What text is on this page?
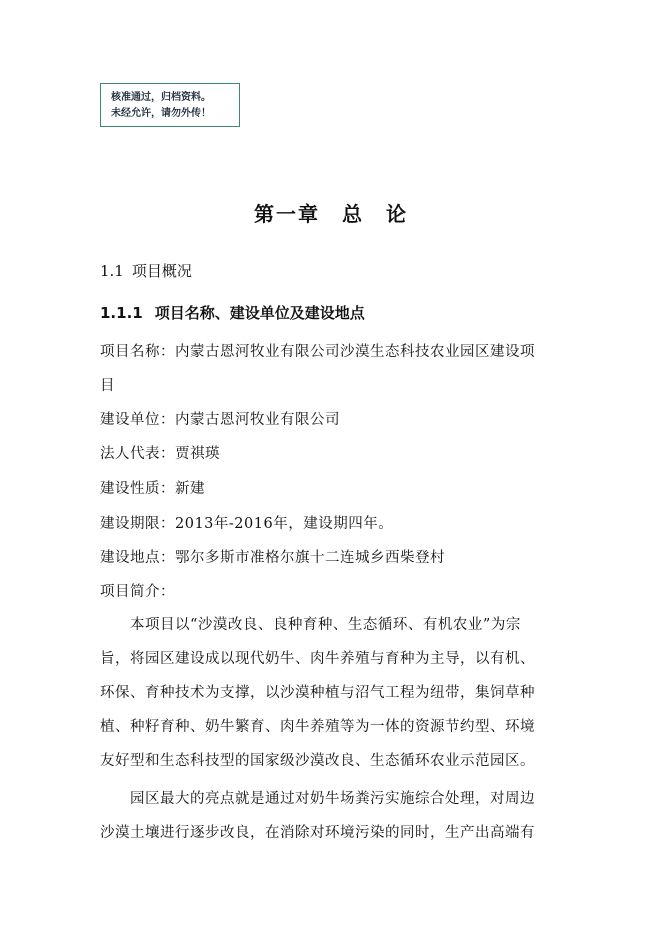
核准通过，归档资料。
未经允许，请勿外传！
第一章 总 论
1.1 项目概况
1.1.1 项目名称、建设单位及建设地点
项目名称：内蒙古恩河牧业有限公司沙漠生态科技农业园区建设项
目
建设单位：内蒙古恩河牧业有限公司
法人代表：贾祺瑛
建设性质：新建
建设期限：2013年-2016年，建设期四年。
建设地点：鄂尔多斯市准格尔旗十二连城乡西柴登村
项目简介：
本项目以“沙漠改良、良种育种、生态循环、有机农业”为宗
旨，将园区建设成以现代奶牛、肉牛养殖与育种为主导，以有机、
环保、育种技术为支撑，以沙漠种植与沼气工程为纽带，集饲草种
植、种籽育种、奶牛繁育、肉牛养殖等为一体的资源节约型、环境
友好型和生态科技型的国家级沙漠改良、生态循环农业示范园区。
园区最大的亮点就是通过对奶牛场粪污实施综合处理，对周边
沙漠土壤进行逐步改良，在消除对环境污染的同时，生产出高端有
